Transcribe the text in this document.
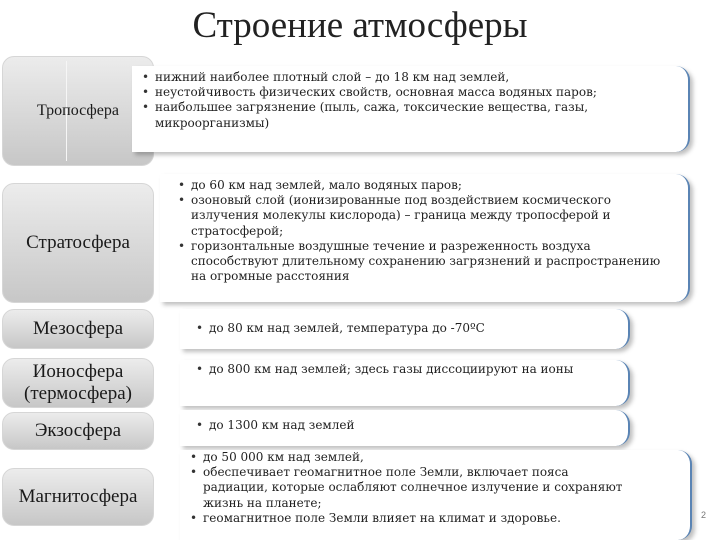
Строение атмосферы
Тропосфера
• нижний наиболее плотный слой – до 18 км над землей,
• неустойчивость физических свойств, основная масса водяных паров;
• наибольшее загрязнение (пыль, сажа, токсические вещества, газы, микроорганизмы)
Стратосфера
• до 60 км над землей, мало водяных паров;
• озоновый слой (ионизированные под воздействием космического излучения молекулы кислорода) – граница между тропосферой и стратосферой;
• горизонтальные воздушные течение и разреженность воздуха способствуют длительному сохранению загрязнений и распространению на огромные расстояния
Мезосфера	• до 80 км над землей, температура до -70ºС
Ионосфера (термосфера)
• до 800 км над землей; здесь газы диссоциируют на ионы
Экзосфера	• до 1300 км над землей
Магнитосфера
• до 50 000 км над землей,
• обеспечивает геомагнитное поле Земли, включает пояса радиации, которые ослабляют солнечное излучение и сохраняют жизнь на планете;
• геомагнитное поле Земли влияет на климат и здоровье.	2
